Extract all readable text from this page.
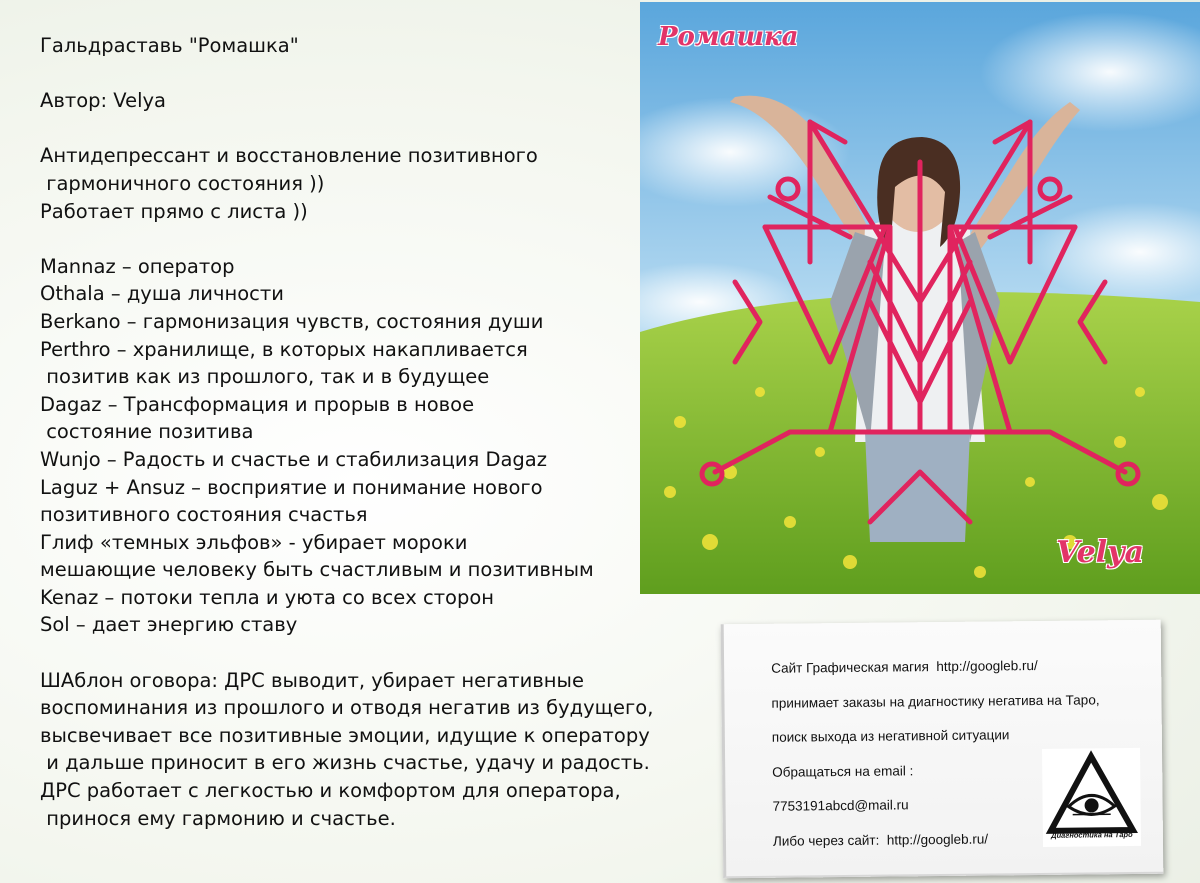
Гальдраставь "Ромашка"
Автор: Velya
Антидепрессант и восстановление позитивного
гармоничного состояния ))
Работает прямо с листа ))
Mannaz – оператор
Othala – душа личности
Berkano – гармонизация чувств, состояния души
Perthro – хранилище, в которых накапливается
позитив как из прошлого, так и в будущее
Dagaz – Трансформация и прорыв в новое
состояние позитива
Wunjo – Радость и счастье и стабилизация Dagaz
Laguz + Ansuz – восприятие и понимание нового
позитивного состояния счастья
Глиф «темных эльфов» - убирает мороки
мешающие человеку быть счастливым и позитивным
Kenaz – потоки тепла и уюта со всех сторон
Sol – дает энергию ставу
ШАблон оговора: ДРС выводит, убирает негативные
воспоминания из прошлого и отводя негатив из будущего,
высвечивает все позитивные эмоции, идущие к оператору
и дальше приносит в его жизнь счастье, удачу и радость.
ДРС работает с легкостью и комфортом для оператора,
принося ему гармонию и счастье.
Ромашка
Velya
Сайт Графическая магия  http://googleb.ru/
принимает заказы на диагностику негатива на Таро,
поиск выхода из негативной ситуации
Обращаться на email :
7753191abcd@mail.ru
Либо через сайт:  http://googleb.ru/	Диагностика на Таро
